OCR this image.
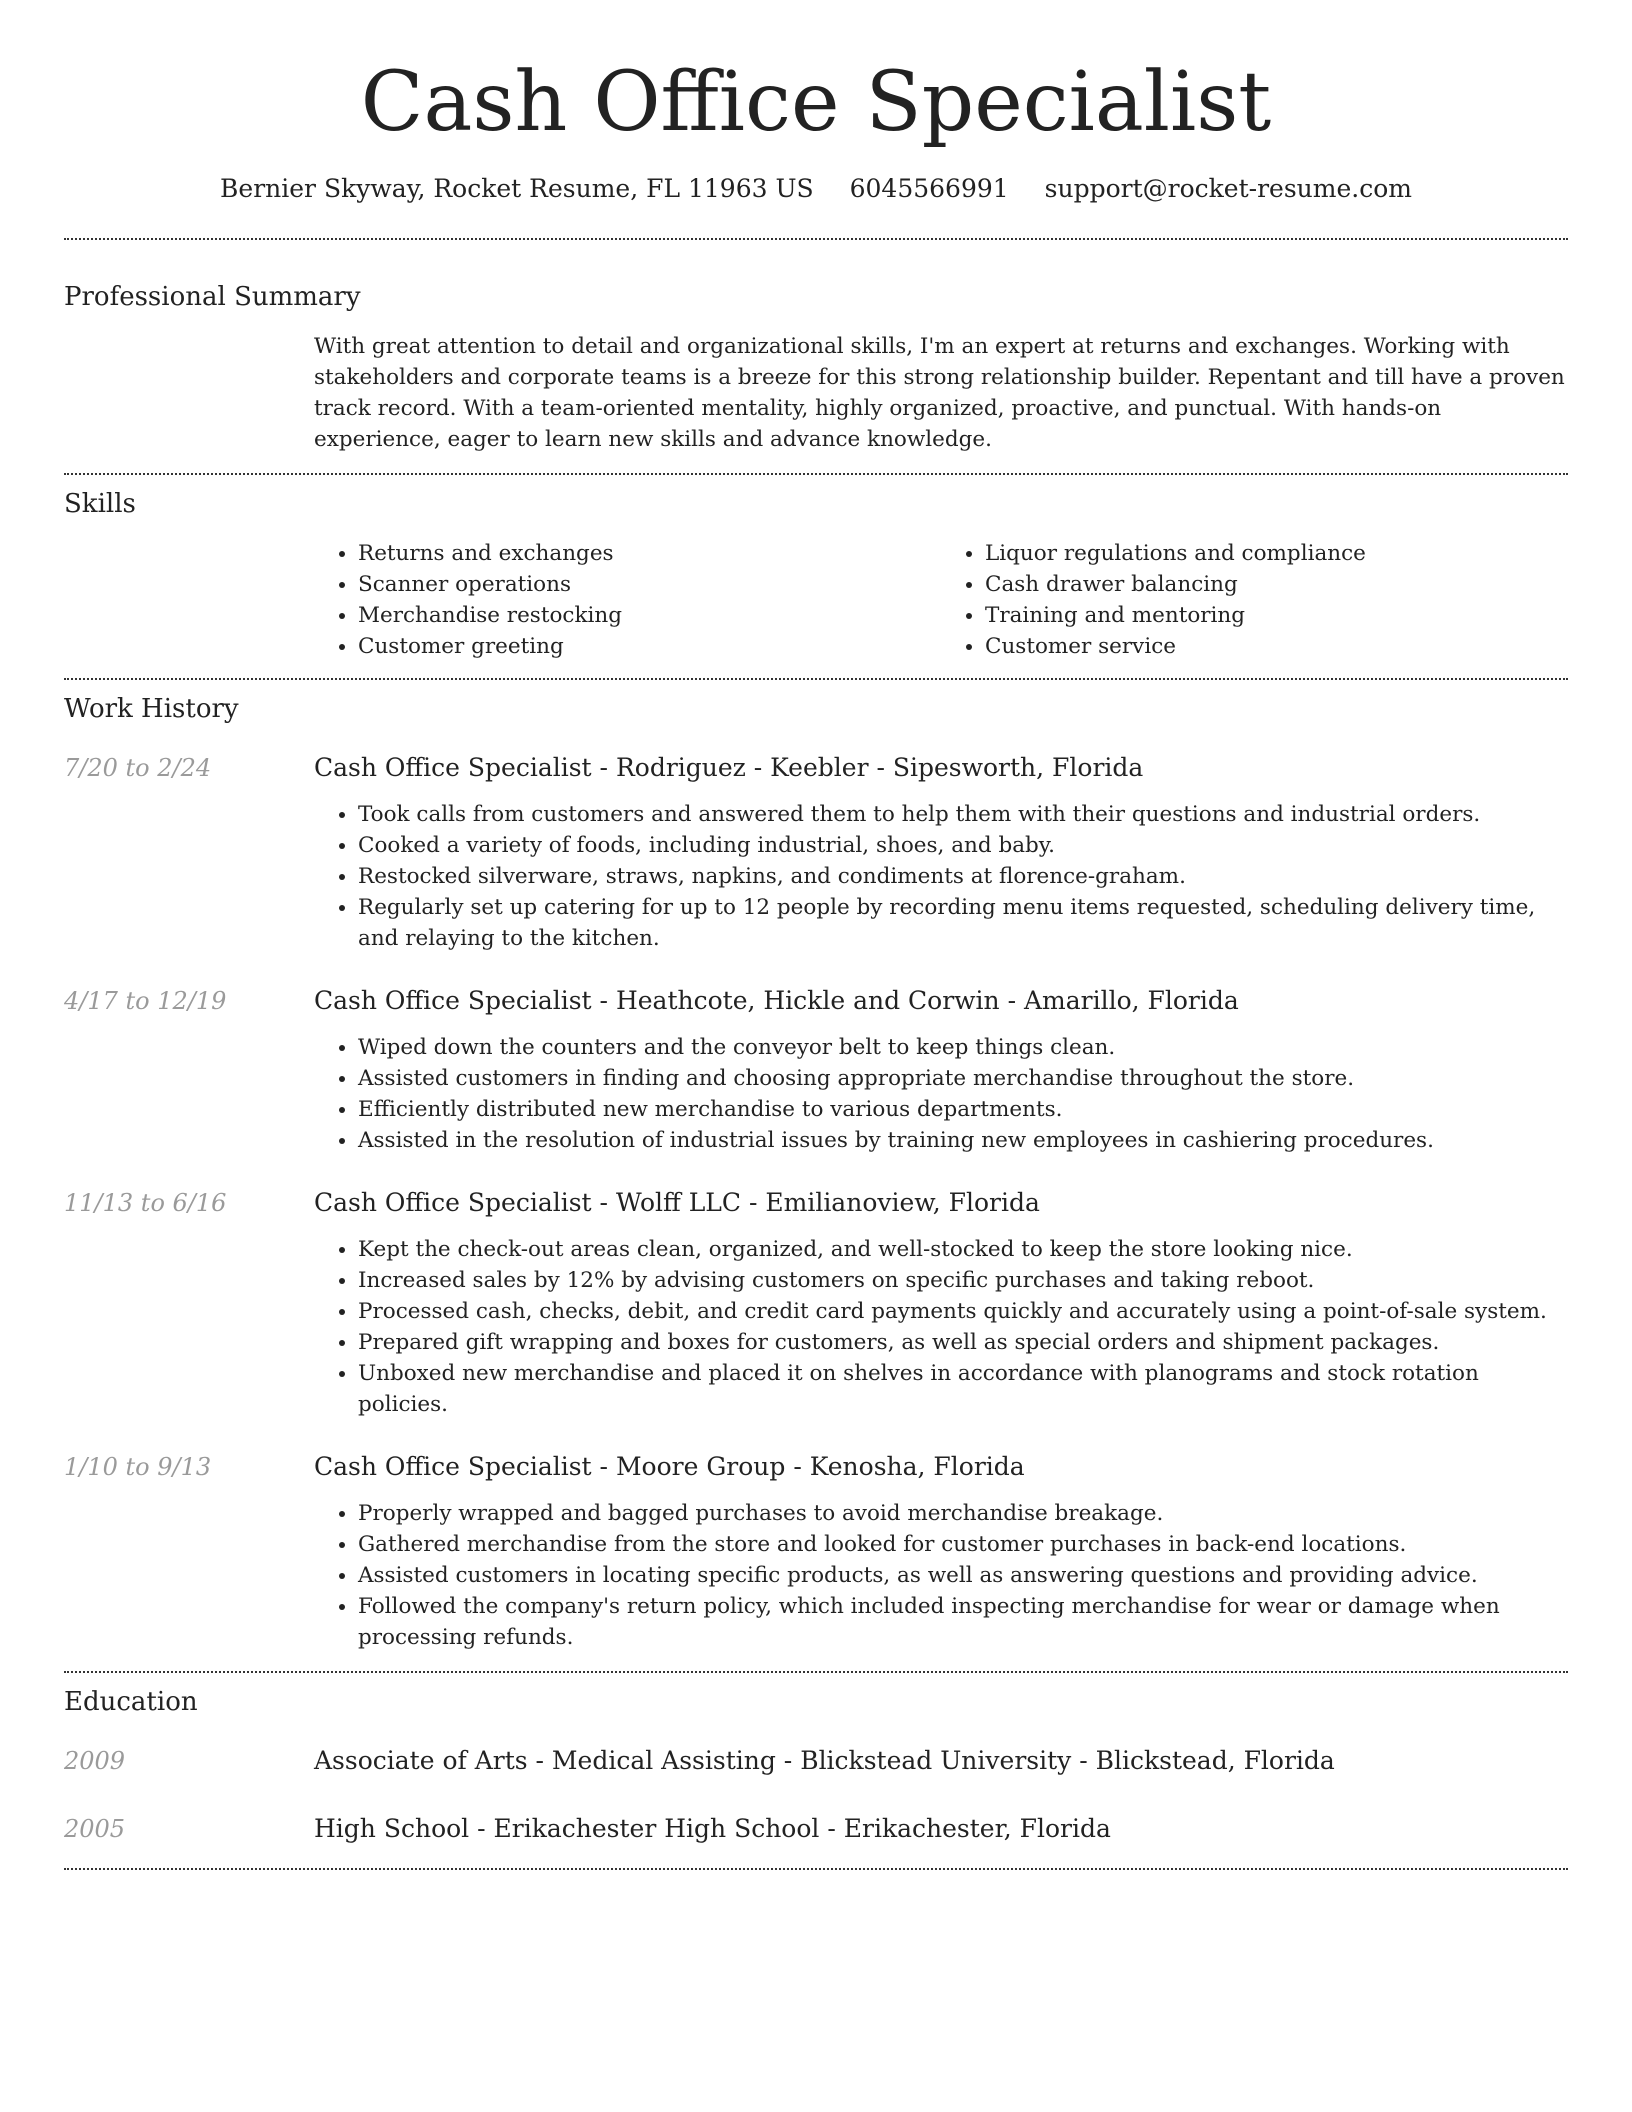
Cash Office Specialist
Bernier Skyway, Rocket Resume, FL 11963 US 6045566991 support@rocket-resume.com
Professional Summary
With great attention to detail and organizational skills, I'm an expert at returns and exchanges. Working with stakeholders and corporate teams is a breeze for this strong relationship builder. Repentant and till have a proven track record. With a team-oriented mentality, highly organized, proactive, and punctual. With hands-on experience, eager to learn new skills and advance knowledge.
Skills
• Returns and exchanges
• Scanner operations
• Merchandise restocking
• Customer greeting
• Liquor regulations and compliance
• Cash drawer balancing
• Training and mentoring
• Customer service
Work History
7/20 to 2/24	Cash Office Specialist - Rodriguez - Keebler - Sipesworth, Florida
• Took calls from customers and answered them to help them with their questions and industrial orders.
• Cooked a variety of foods, including industrial, shoes, and baby.
• Restocked silverware, straws, napkins, and condiments at florence-graham.
• Regularly set up catering for up to 12 people by recording menu items requested, scheduling delivery time, and relaying to the kitchen.
4/17 to 12/19	Cash Office Specialist - Heathcote, Hickle and Corwin - Amarillo, Florida
• Wiped down the counters and the conveyor belt to keep things clean.
• Assisted customers in finding and choosing appropriate merchandise throughout the store.
• Efficiently distributed new merchandise to various departments.
• Assisted in the resolution of industrial issues by training new employees in cashiering procedures.
11/13 to 6/16	Cash Office Specialist - Wolff LLC - Emilianoview, Florida
• Kept the check-out areas clean, organized, and well-stocked to keep the store looking nice.
• Increased sales by 12% by advising customers on specific purchases and taking reboot.
• Processed cash, checks, debit, and credit card payments quickly and accurately using a point-of-sale system.
• Prepared gift wrapping and boxes for customers, as well as special orders and shipment packages.
• Unboxed new merchandise and placed it on shelves in accordance with planograms and stock rotation policies.
1/10 to 9/13	Cash Office Specialist - Moore Group - Kenosha, Florida
• Properly wrapped and bagged purchases to avoid merchandise breakage.
• Gathered merchandise from the store and looked for customer purchases in back-end locations.
• Assisted customers in locating specific products, as well as answering questions and providing advice.
• Followed the company's return policy, which included inspecting merchandise for wear or damage when processing refunds.
Education
2009	Associate of Arts - Medical Assisting - Blickstead University - Blickstead, Florida
2005	High School - Erikachester High School - Erikachester, Florida
